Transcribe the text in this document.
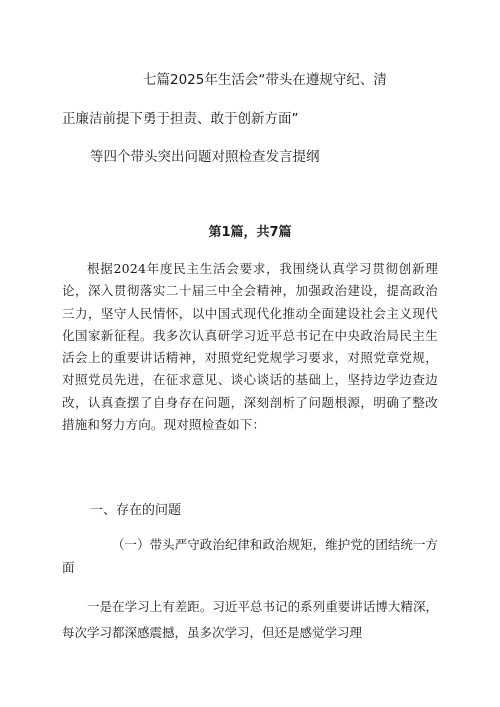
七篇2025年生活会“带头在遵规守纪、清
正廉洁前提下勇于担责、敢于创新方面”
等四个带头突出问题对照检查发言提纲
第1篇，共7篇

根据2024年度民主生活会要求，我围绕认真学习贯彻创新理论，深入贯彻落实二十届三中全会精神，加强政治建设，提高政治三力，坚守人民情怀，以中国式现代化推动全面建设社会主义现代化国家新征程。我多次认真研学习近平总书记在中央政治局民主生活会上的重要讲话精神，对照党纪党规学习要求，对照党章党规，对照党员先进，在征求意见、谈心谈话的基础上，坚持边学边查边改，认真查摆了自身存在问题，深刻剖析了问题根源，明确了整改措施和努力方向。现对照检查如下：

一、存在的问题

（一）带头严守政治纪律和政治规矩，维护党的团结统一方面

一是在学习上有差距。习近平总书记的系列重要讲话博大精深，每次学习都深感震撼，虽多次学习，但还是感觉学习理
